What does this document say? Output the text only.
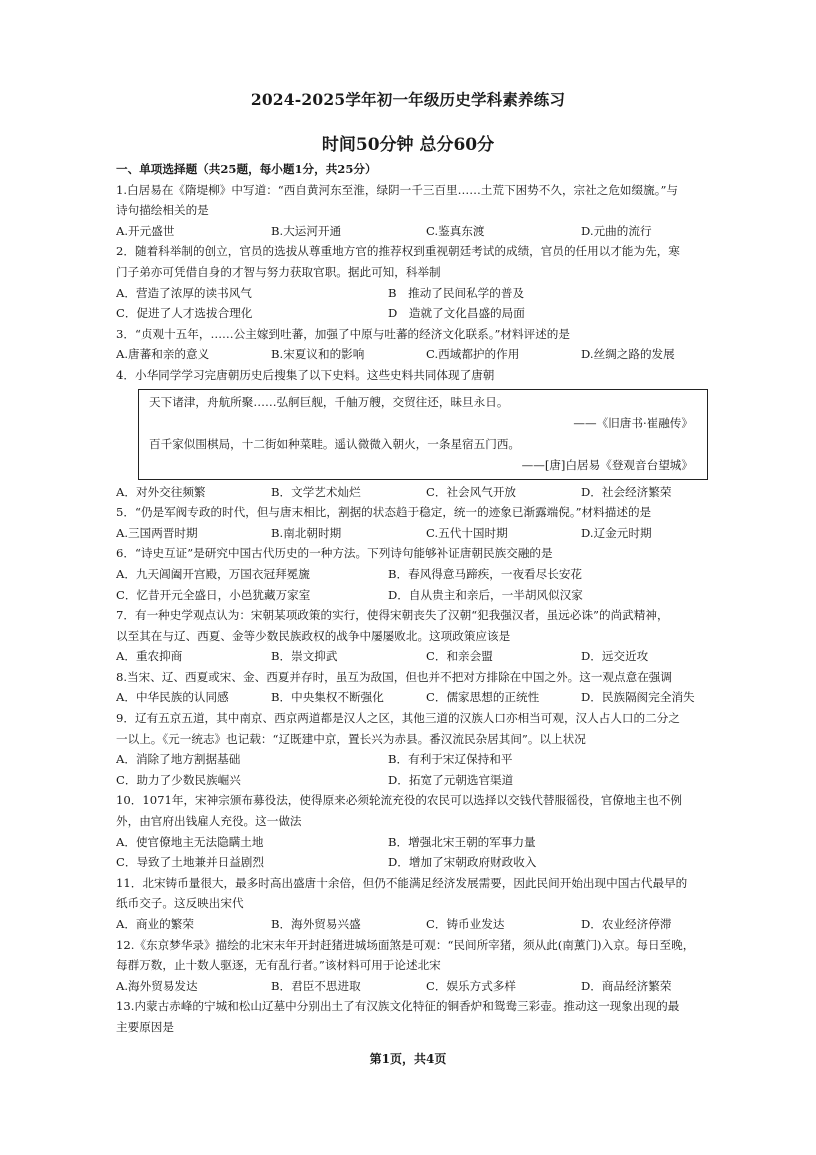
2024-2025学年初一年级历史学科素养练习
时间50分钟 总分60分
一、单项选择题（共25题，每小题1分，共25分）
1.白居易在《隋堤柳》中写道：“西自黄河东至淮，绿阴一千三百里……土荒下困势不久，宗社之危如缀旒。”与
诗句描绘相关的是
A.开元盛世	B.大运河开通	C.鉴真东渡	D.元曲的流行
2．随着科举制的创立，官员的选拔从尊重地方官的推荐权到重视朝廷考试的成绩，官员的任用以才能为先，寒
门子弟亦可凭借自身的才智与努力获取官职。据此可知，科举制
A．营造了浓厚的读书风气	B　推动了民间私学的普及
C．促进了人才选拔合理化	D　造就了文化昌盛的局面
3．“贞观十五年，……公主嫁到吐蕃，加强了中原与吐蕃的经济文化联系。”材料评述的是
A.唐蕃和亲的意义	B.宋夏议和的影响	C.西域都护的作用	D.丝绸之路的发展
4．小华同学学习完唐朝历史后搜集了以下史料。这些史料共同体现了唐朝
天下诸津，舟航所聚……弘舸巨舰，千舳万艘，交贸往还，昧旦永日。
——《旧唐书·崔融传》
百千家似围棋局，十二街如种菜畦。遥认微微入朝火，一条星宿五门西。
——[唐]白居易《登观音台望城》
A．对外交往频繁	B．文学艺术灿烂	C．社会风气开放	D．社会经济繁荣
5．“仍是军阀专政的时代，但与唐末相比，割据的状态趋于稳定，统一的迹象已渐露端倪。”材料描述的是
A.三国两晋时期	B.南北朝时期	C.五代十国时期	D.辽金元时期
6．“诗史互证”是研究中国古代历史的一种方法。下列诗句能够补证唐朝民族交融的是
A．九天阊阖开宫殿，万国衣冠拜冕旒	B．春风得意马蹄疾，一夜看尽长安花
C．忆昔开元全盛日，小邑犹藏万家室	D．自从贵主和亲后，一半胡风似汉家
7．有一种史学观点认为：宋朝某项政策的实行，使得宋朝丧失了汉朝“犯我强汉者，虽远必诛”的尚武精神，
以至其在与辽、西夏、金等少数民族政权的战争中屡屡败北。这项政策应该是
A．重农抑商	B．崇文抑武	C．和亲会盟	D．远交近攻
8.当宋、辽、西夏或宋、金、西夏并存时，虽互为敌国，但也并不把对方排除在中国之外。这一观点意在强调
A．中华民族的认同感	B．中央集权不断强化	C．儒家思想的正统性	D．民族隔阂完全消失
9．辽有五京五道，其中南京、西京两道都是汉人之区，其他三道的汉族人口亦相当可观，汉人占人口的二分之
一以上。《元一统志》也记载：“辽既建中京，置长兴为赤县。番汉流民杂居其间”。以上状况
A．消除了地方割据基础	B．有利于宋辽保持和平
C．助力了少数民族崛兴	D．拓宽了元朝选官渠道
10．1071年，宋神宗颁布募役法，使得原来必须轮流充役的农民可以选择以交钱代替服徭役，官僚地主也不例
外，由官府出钱雇人充役。这一做法
A．使官僚地主无法隐瞒土地	B．增强北宋王朝的军事力量
C．导致了土地兼并日益剧烈	D．增加了宋朝政府财政收入
11．北宋铸币量很大，最多时高出盛唐十余倍，但仍不能满足经济发展需要，因此民间开始出现中国古代最早的
纸币交子。这反映出宋代
A．商业的繁荣	B．海外贸易兴盛	C．铸币业发达	D．农业经济停滞
12.《东京梦华录》描绘的北宋末年开封赶猪进城场面煞是可观：“民间所宰猪，须从此(南薰门)入京。每日至晚，
每群万数，止十数人驱逐，无有乱行者。”该材料可用于论述北宋
A.海外贸易发达	B．君臣不思进取	C．娱乐方式多样	D．商品经济繁荣
13.内蒙古赤峰的宁城和松山辽墓中分别出土了有汉族文化特征的铜香炉和鸳鸯三彩壶。推动这一现象出现的最
主要原因是
第1页，共4页
